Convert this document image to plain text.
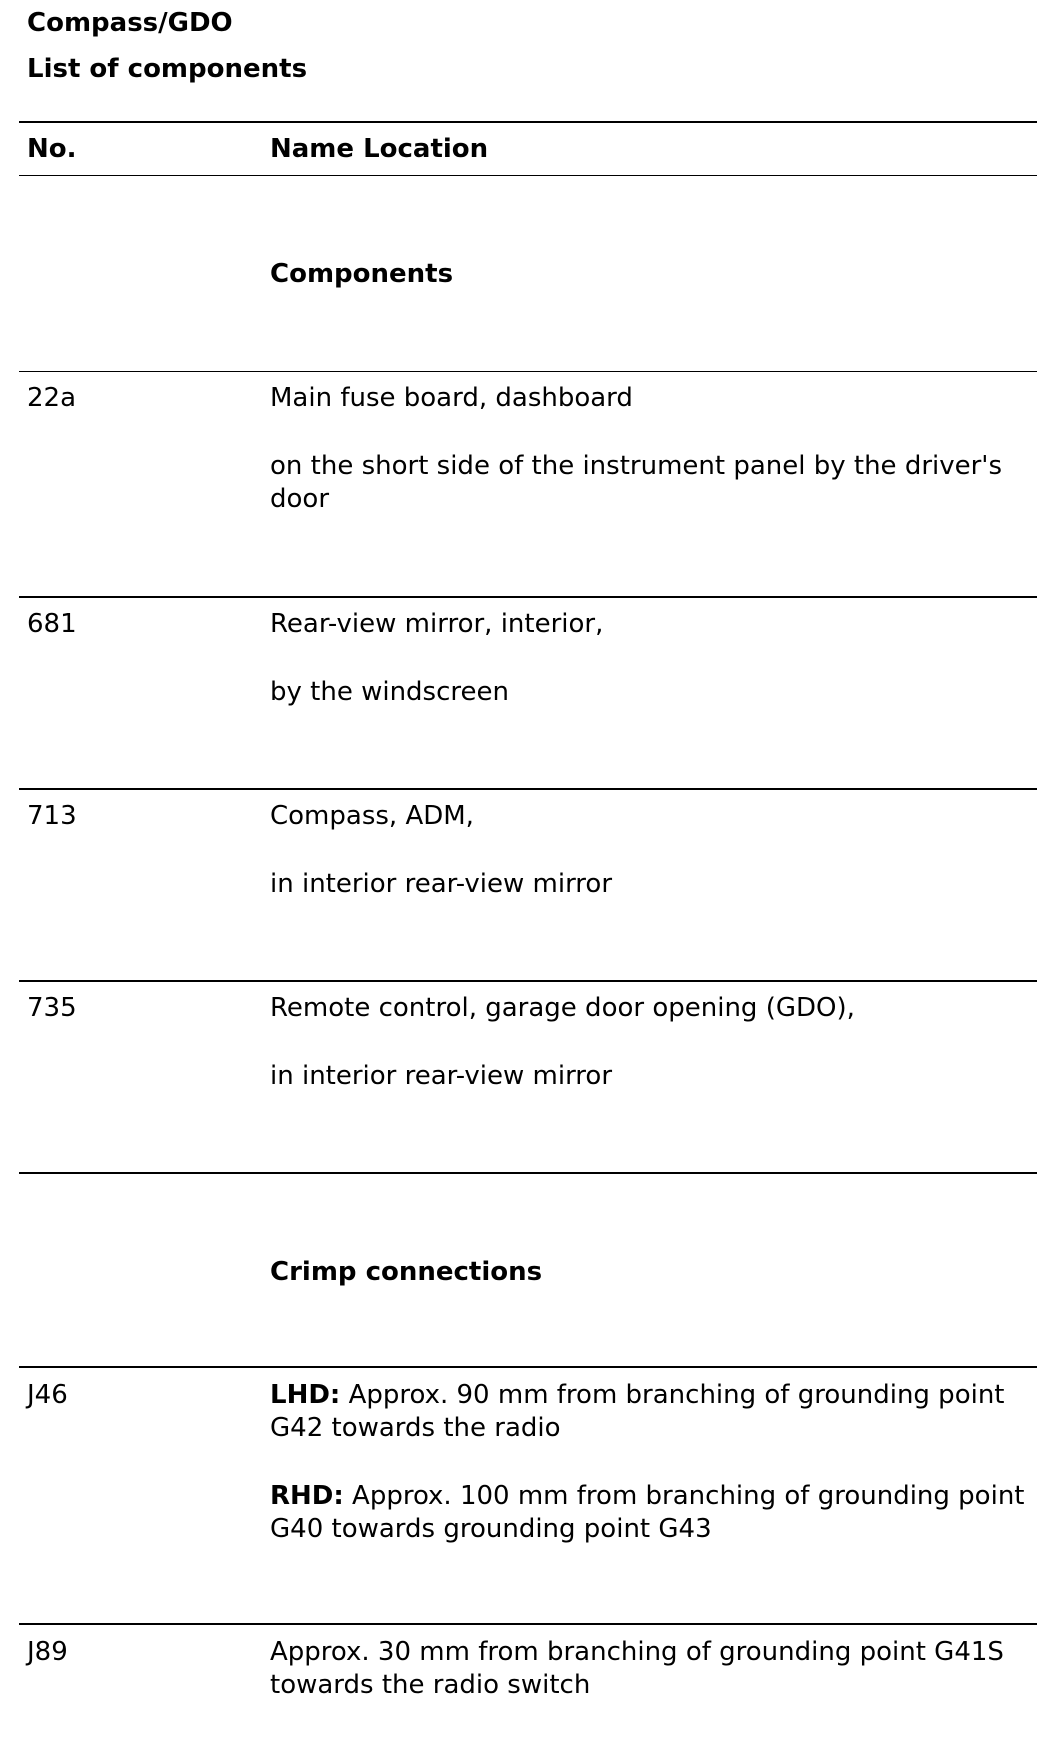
Compass/GDO
List of components
No.	Name Location
Components
22a	Main fuse board, dashboard
on the short side of the instrument panel by the driver's door
681	Rear-view mirror, interior,
by the windscreen
713	Compass, ADM,
in interior rear-view mirror
735	Remote control, garage door opening (GDO),
in interior rear-view mirror
Crimp connections
J46	LHD: Approx. 90 mm from branching of grounding point G42 towards the radio
RHD: Approx. 100 mm from branching of grounding point G40 towards grounding point G43
J89	Approx. 30 mm from branching of grounding point G41S towards the radio switch
